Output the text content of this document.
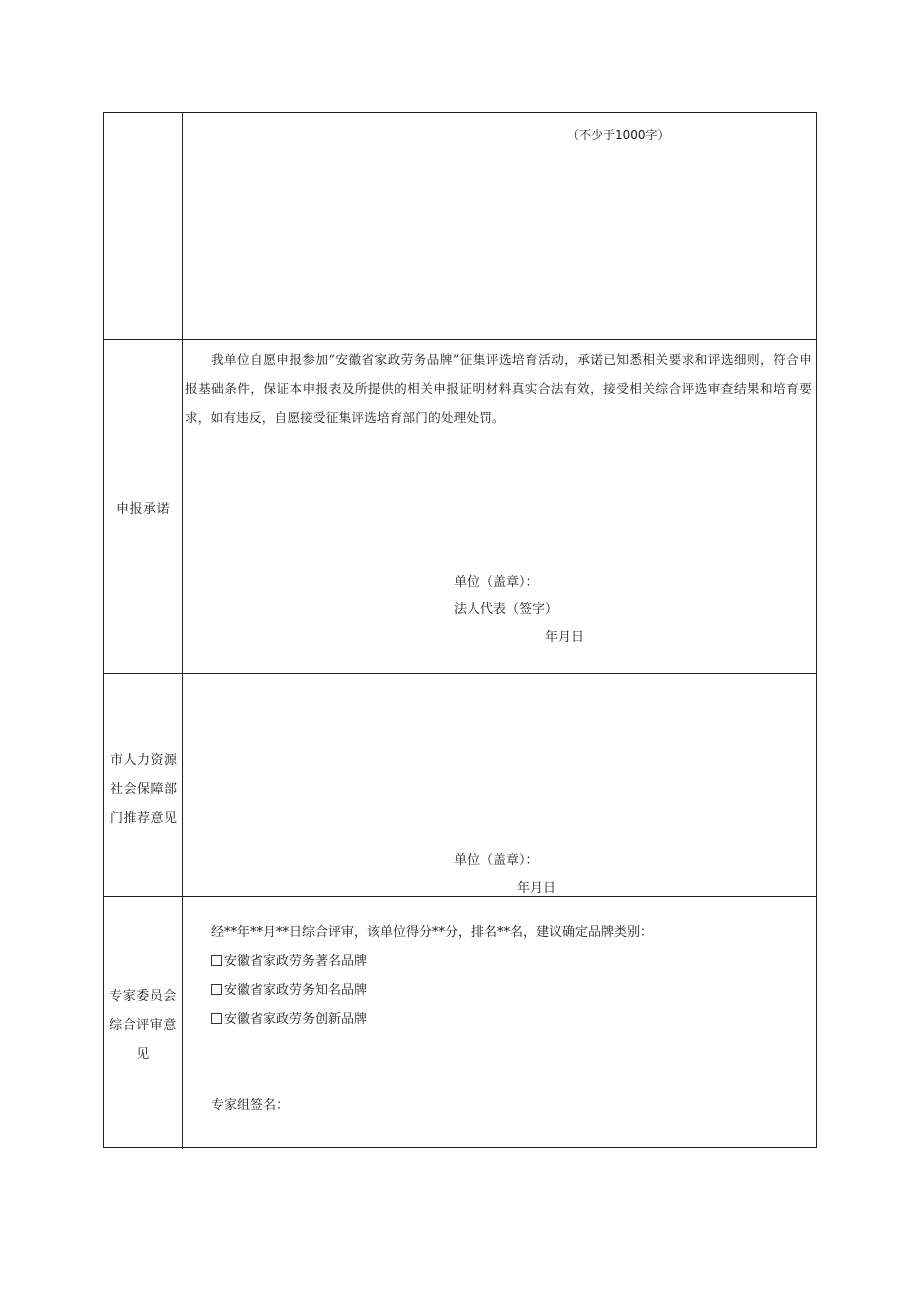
（不少于1000字）
申报承诺
我单位自愿申报参加“安徽省家政劳务品牌”征集评选培育活动，承诺已知悉相关要求和评选细则，符合申报基础条件，保证本申报表及所提供的相关申报证明材料真实合法有效，接受相关综合评选审查结果和培育要求，如有违反，自愿接受征集评选培育部门的处理处罚。
单位（盖章）：
法人代表（签字）
年月日
市人力资源
社会保障部
门推荐意见
单位（盖章）：
年月日
专家委员会
综合评审意
见
经**年**月**日综合评审，该单位得分**分，排名**名，建议确定品牌类别：
安徽省家政劳务著名品牌
安徽省家政劳务知名品牌
安徽省家政劳务创新品牌
专家组签名：
